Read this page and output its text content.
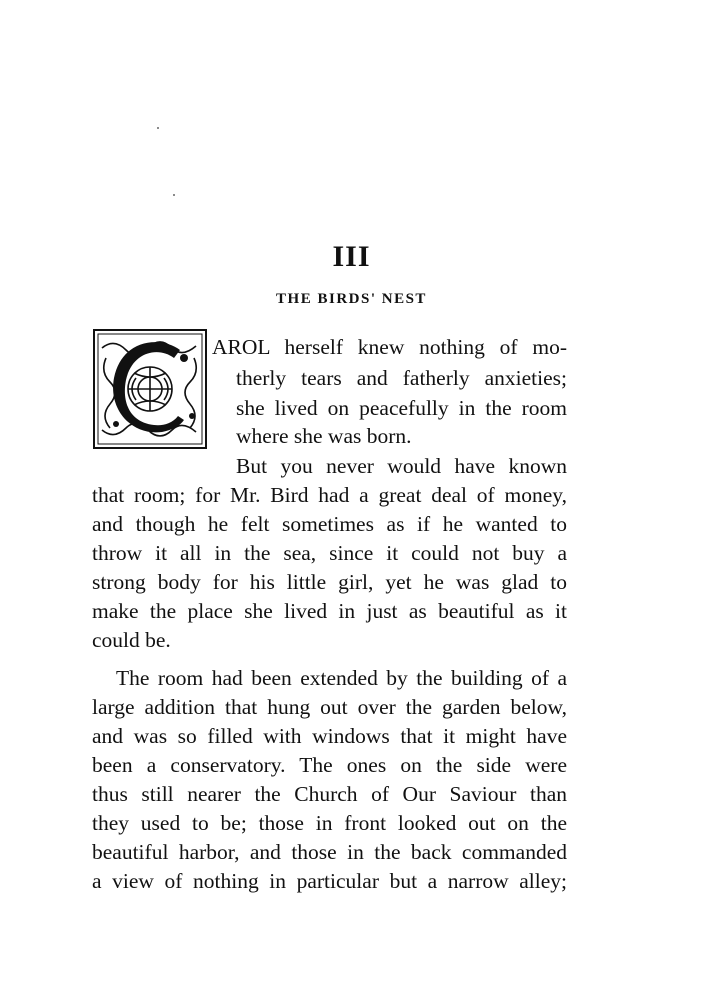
III
THE BIRDS' NEST
AROL herself knew nothing of mo-
therly tears and fatherly anxieties;
she lived on peacefully in the room
where she was born.
But you never would have known
that room; for Mr. Bird had a great deal of money,
and though he felt sometimes as if he wanted to
throw it all in the sea, since it could not buy a
strong body for his little girl, yet he was glad to
make the place she lived in just as beautiful as it
could be.
The room had been extended by the building of a
large addition that hung out over the garden below,
and was so filled with windows that it might have
been a conservatory. The ones on the side were
thus still nearer the Church of Our Saviour than
they used to be; those in front looked out on the
beautiful harbor, and those in the back commanded
a view of nothing in particular but a narrow alley;
